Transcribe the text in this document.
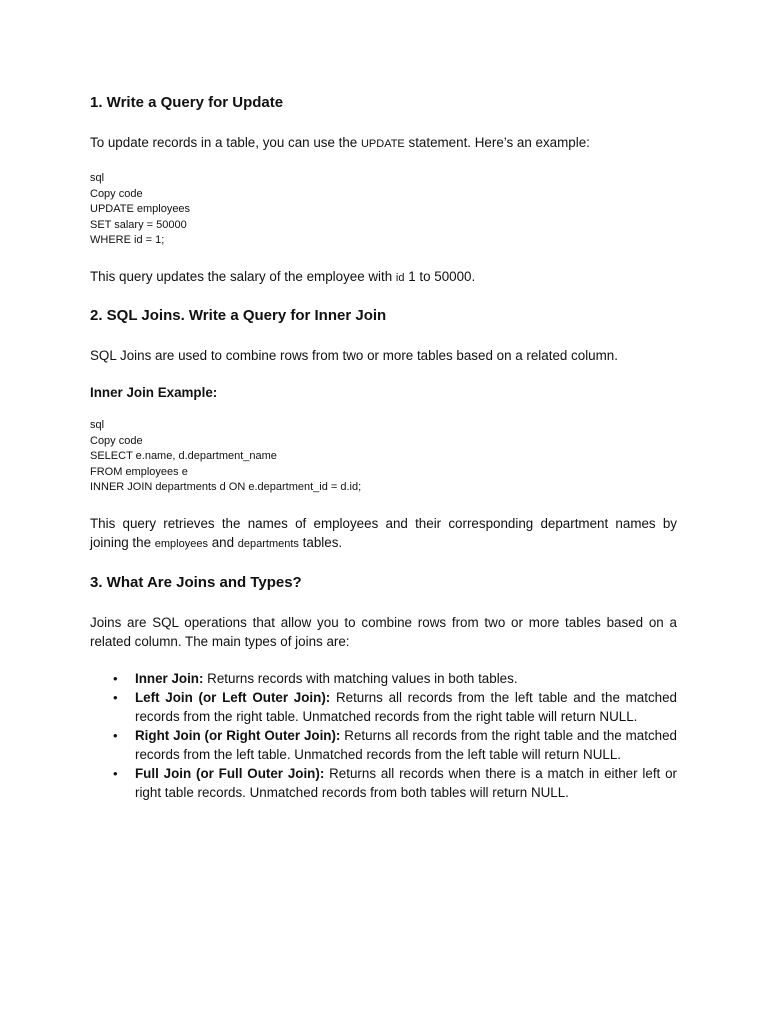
1. Write a Query for Update

To update records in a table, you can use the UPDATE statement. Here’s an example:

sql
Copy code
UPDATE employees
SET salary = 50000
WHERE id = 1;

This query updates the salary of the employee with id 1 to 50000.

2. SQL Joins. Write a Query for Inner Join

SQL Joins are used to combine rows from two or more tables based on a related column.

Inner Join Example:
sql
Copy code
SELECT e.name, d.department_name
FROM employees e
INNER JOIN departments d ON e.department_id = d.id;

This query retrieves the names of employees and their corresponding department names by
joining the employees and departments tables.

3. What Are Joins and Types?

Joins are SQL operations that allow you to combine rows from two or more tables based on a
related column. The main types of joins are:

• Inner Join: Returns records with matching values in both tables.
• Left Join (or Left Outer Join): Returns all records from the left table and the matched
records from the right table. Unmatched records from the right table will return NULL.
• Right Join (or Right Outer Join): Returns all records from the right table and the matched
records from the left table. Unmatched records from the left table will return NULL.
• Full Join (or Full Outer Join): Returns all records when there is a match in either left or
right table records. Unmatched records from both tables will return NULL.
